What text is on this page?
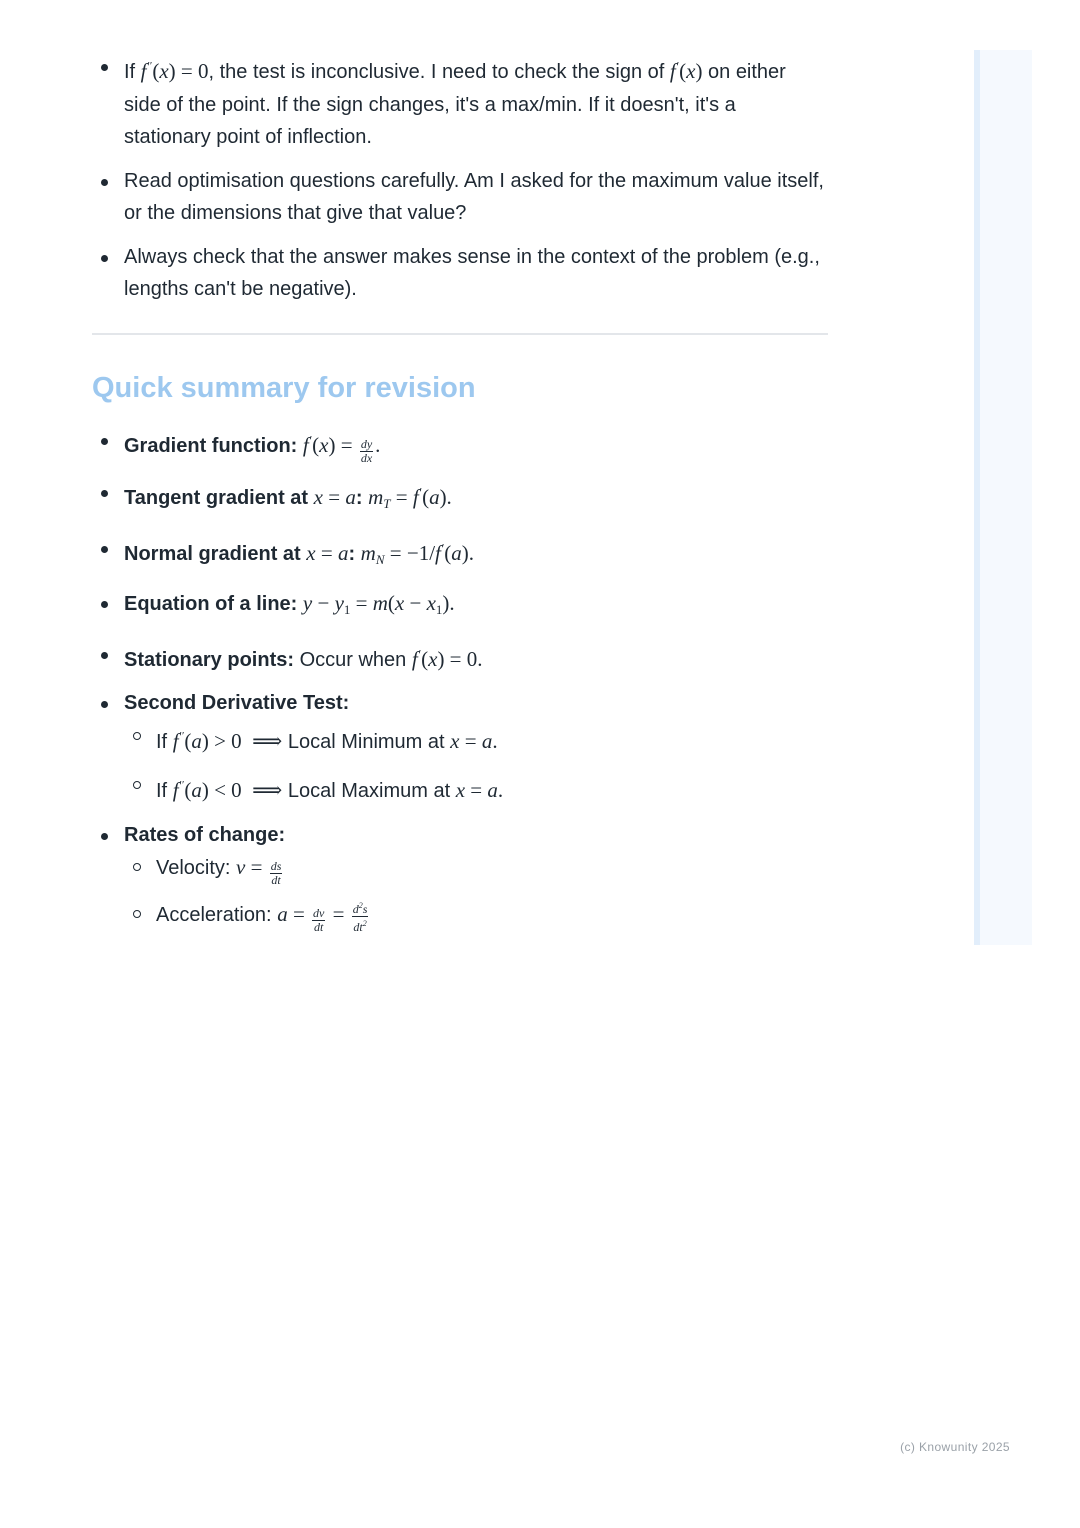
If f′′(x) = 0, the test is inconclusive. I need to check the sign of f′(x) on either side of the point. If the sign changes, it's a max/min. If it doesn't, it's a stationary point of inflection.
Read optimisation questions carefully. Am I asked for the maximum value itself, or the dimensions that give that value?
Always check that the answer makes sense in the context of the problem (e.g., lengths can't be negative).
Quick summary for revision
Gradient function: $f'(x) = \frac{dy}{dx}$ .
Tangent gradient at x = a: $m_T = f'(a)$.
Normal gradient at x = a: $m_N = -1/f'(a)$.
Equation of a line: $y - y_1 = m(x - x_1)$.
Stationary points: Occur when f′(x) = 0.
Second Derivative Test:
If f′′(a) > 0  ⟹ Local Minimum at x = a.
If f′′(a) < 0  ⟹ Local Maximum at x = a.
Rates of change:
Velocity: $v = \frac{ds}{dt}$
Acceleration: $a = \frac{dv}{dt} = \frac{d^2s}{dt^2}$
(c) Knowunity 2025
